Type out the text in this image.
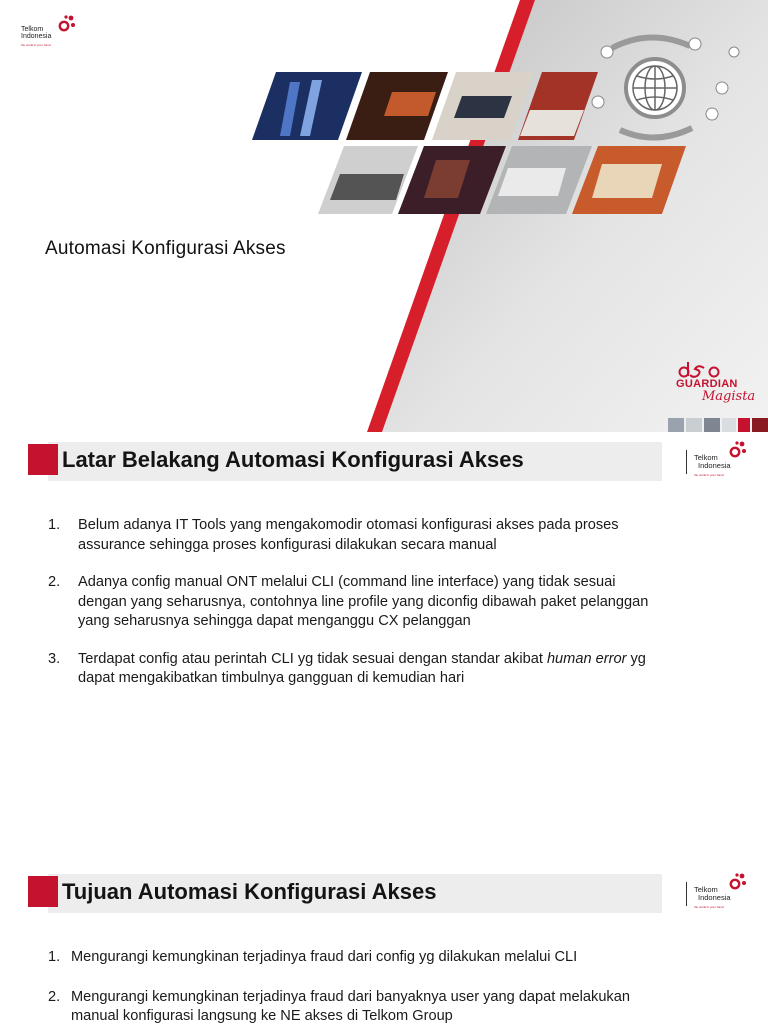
Automasi Konfigurasi Akses
Telkom
Indonesia
the world in your hand
GUARDIAN
Magista
Latar Belakang Automasi Konfigurasi Akses	Telkom
Indonesia
the world in your hand
1. Belum adanya IT Tools yang mengakomodir otomasi konfigurasi akses pada proses assurance sehingga proses konfigurasi dilakukan secara manual
2. Adanya config manual ONT melalui CLI (command line interface) yang tidak sesuai dengan yang seharusnya, contohnya line profile yang diconfig dibawah paket pelanggan yang seharusnya sehingga dapat menganggu CX pelanggan
3. Terdapat config atau perintah CLI yg tidak sesuai dengan standar akibat human error yg dapat mengakibatkan timbulnya gangguan di kemudian hari
Tujuan Automasi Konfigurasi Akses	Telkom
Indonesia
the world in your hand
1. Mengurangi kemungkinan terjadinya fraud dari config yg dilakukan melalui CLI
2. Mengurangi kemungkinan terjadinya fraud dari banyaknya user yang dapat melakukan manual konfigurasi langsung ke NE akses di Telkom Group
